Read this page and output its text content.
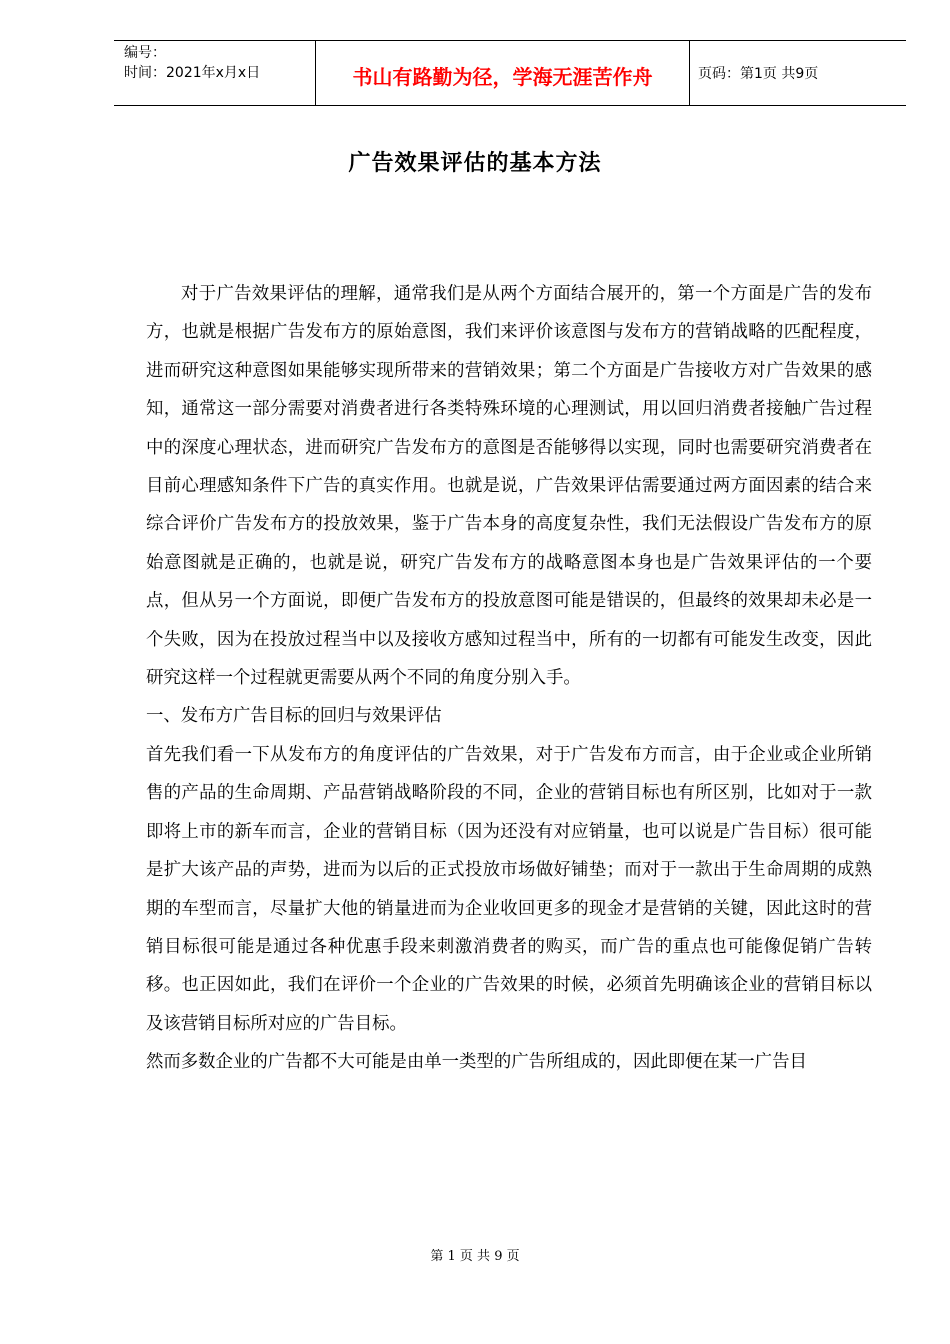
编号：
时间：2021年x月x日	书山有路勤为径，学海无涯苦作舟	页码：第1页 共9页
广告效果评估的基本方法

对于广告效果评估的理解，通常我们是从两个方面结合展开的，第一个方面是广告的发布方，也就是根据广告发布方的原始意图，我们来评价该意图与发布方的营销战略的匹配程度，进而研究这种意图如果能够实现所带来的营销效果；第二个方面是广告接收方对广告效果的感知，通常这一部分需要对消费者进行各类特殊环境的心理测试，用以回归消费者接触广告过程中的深度心理状态，进而研究广告发布方的意图是否能够得以实现，同时也需要研究消费者在目前心理感知条件下广告的真实作用。也就是说，广告效果评估需要通过两方面因素的结合来综合评价广告发布方的投放效果，鉴于广告本身的高度复杂性，我们无法假设广告发布方的原始意图就是正确的，也就是说，研究广告发布方的战略意图本身也是广告效果评估的一个要点，但从另一个方面说，即便广告发布方的投放意图可能是错误的，但最终的效果却未必是一个失败，因为在投放过程当中以及接收方感知过程当中，所有的一切都有可能发生改变，因此研究这样一个过程就更需要从两个不同的角度分别入手。

一、发布方广告目标的回归与效果评估

首先我们看一下从发布方的角度评估的广告效果，对于广告发布方而言，由于企业或企业所销售的产品的生命周期、产品营销战略阶段的不同，企业的营销目标也有所区别，比如对于一款即将上市的新车而言，企业的营销目标（因为还没有对应销量，也可以说是广告目标）很可能是扩大该产品的声势，进而为以后的正式投放市场做好铺垫；而对于一款出于生命周期的成熟期的车型而言，尽量扩大他的销量进而为企业收回更多的现金才是营销的关键，因此这时的营销目标很可能是通过各种优惠手段来刺激消费者的购买，而广告的重点也可能像促销广告转移。也正因如此，我们在评价一个企业的广告效果的时候，必须首先明确该企业的营销目标以及该营销目标所对应的广告目标。

然而多数企业的广告都不大可能是由单一类型的广告所组成的，因此即便在某一广告目

第 1 页 共 9 页
